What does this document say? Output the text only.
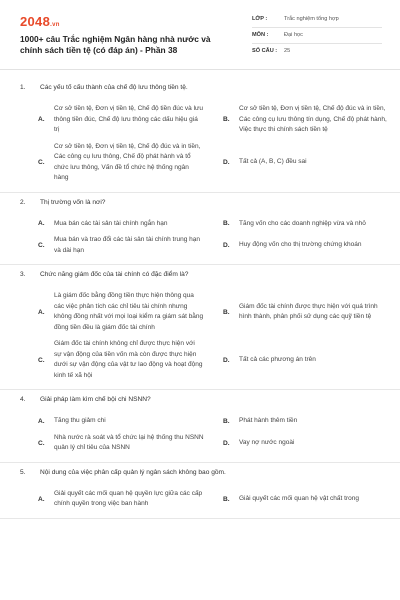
2048.vn
1000+ câu Trắc nghiệm Ngân hàng nhà nước và chính sách tiền tệ (có đáp án) - Phần 38
LỚP :	Trắc nghiệm tổng hợp
MÔN :	Đại học
SỐ CÂU : 25
1. Các yếu tố cấu thành của chế độ lưu thông tiền tệ.
A.
Cơ sở tiền tệ, Đơn vị tiền tệ, Chế độ tiền đúc và lưu thông tiền đúc, Chế độ lưu thông các dấu hiệu giá trị
B.
Cơ sở tiền tệ, Đơn vị tiền tệ, Chế độ đúc và in tiền, Các công cụ lưu thông tín dụng, Chế độ phát hành, Việc thực thi chính sách tiền tệ
C.
Cơ sở tiền tệ, Đơn vị tiền tệ, Chế độ đúc và in tiền, Các công cụ lưu thông, Chế độ phát hành và tổ chức lưu thông, Vấn đề tổ chức hệ thống ngân hàng
D. Tất cả (A, B, C) đều sai
2. Thị trường vốn là nơi?
A. Mua bán các tài sản tài chính ngắn hạn	B. Tăng vốn cho các doanh nghiệp vừa và nhỏ
C.
Mua bán và trao đổi các tài sản tài chính trung hạn và dài hạn
D. Huy động vốn cho thị trường chứng khoán
3. Chức năng giám đốc của tài chính có đặc điểm là?
A.
Là giám đốc bằng đồng tiền thực hiện thông qua các việc phân tích các chỉ tiêu tài chính nhưng không đồng nhất với mọi loại kiểm ra giám sát bằng đồng tiền đều là giám đốc tài chính
B.
Giám đốc tài chính được thực hiện với quá trình hình thành, phân phối sử dụng các quỹ tiền tệ
C.
Giám đốc tài chính không chỉ được thực hiện với sự vận động của tiền vốn mà còn được thực hiện dưới sự vận động của vật tư lao động và hoạt động kinh tế xã hội
D. Tất cả các phương án trên
4. Giải pháp làm kìm chế bội chi NSNN?
A. Tăng thu giảm chi	B. Phát hành thêm tiền
C.
Nhà nước rà soát và tổ chức lại hệ thống thu NSNN quản lý chỉ tiêu của NSNN
D. Vay nợ nước ngoài
5. Nội dung của việc phân cấp quản lý ngân sách không bao gồm.
A.
Giải quyết các mối quan hệ quyền lực giữa các cấp chính quyền trong việc ban hành
B. Giải quyết các mối quan hệ vật chất trong
